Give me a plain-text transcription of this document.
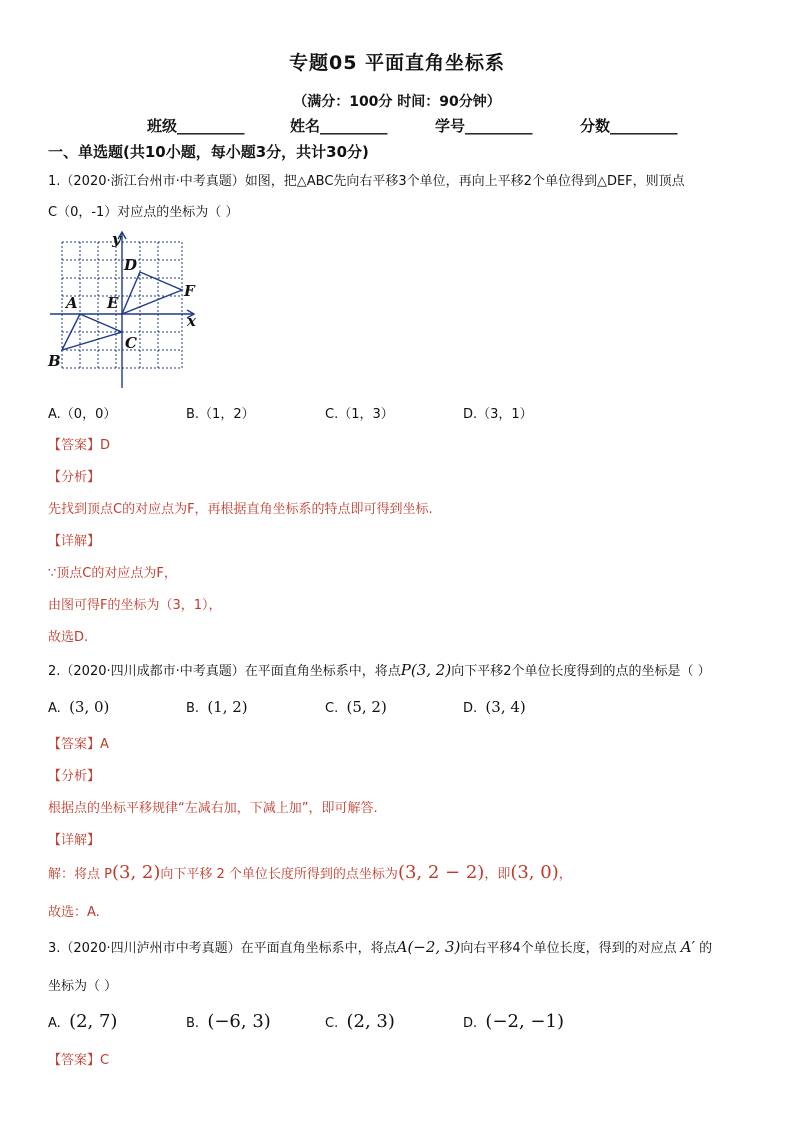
专题05 平面直角坐标系
（满分：100分 时间：90分钟）
班级_________	姓名_________	学号_________	分数_________
一、单选题(共10小题，每小题3分，共计30分)
1.（2020·浙江台州市·中考真题）如图，把△ABC先向右平移3个单位，再向上平移2个单位得到△DEF，则顶点
C（0，-1）对应点的坐标为（ ）
y
x
A
B
C
D
E
F
A.（0，0）	B.（1，2）	C.（1，3）	D.（3，1）
【答案】D
【分析】
先找到顶点C的对应点为F，再根据直角坐标系的特点即可得到坐标.
【详解】
∵顶点C的对应点为F，
由图可得F的坐标为（3，1），
故选D.
2.（2020·四川成都市·中考真题）在平面直角坐标系中，将点P(3, 2)向下平移2个单位长度得到的点的坐标是（ ）
A. (3, 0)	B. (1, 2)	C. (5, 2)	D. (3, 4)
【答案】A
【分析】
根据点的坐标平移规律“左减右加，下减上加”，即可解答.
【详解】
解：将点 P(3, 2)向下平移 2 个单位长度所得到的点坐标为(3, 2 − 2)，即(3, 0)，
故选：A.
3.（2020·四川泸州市中考真题）在平面直角坐标系中，将点A(−2, 3)向右平移4个单位长度，得到的对应点 A′ 的
坐标为（ ）
A. (2, 7)	B. (−6, 3)	C. (2, 3)	D. (−2, −1)
【答案】C
